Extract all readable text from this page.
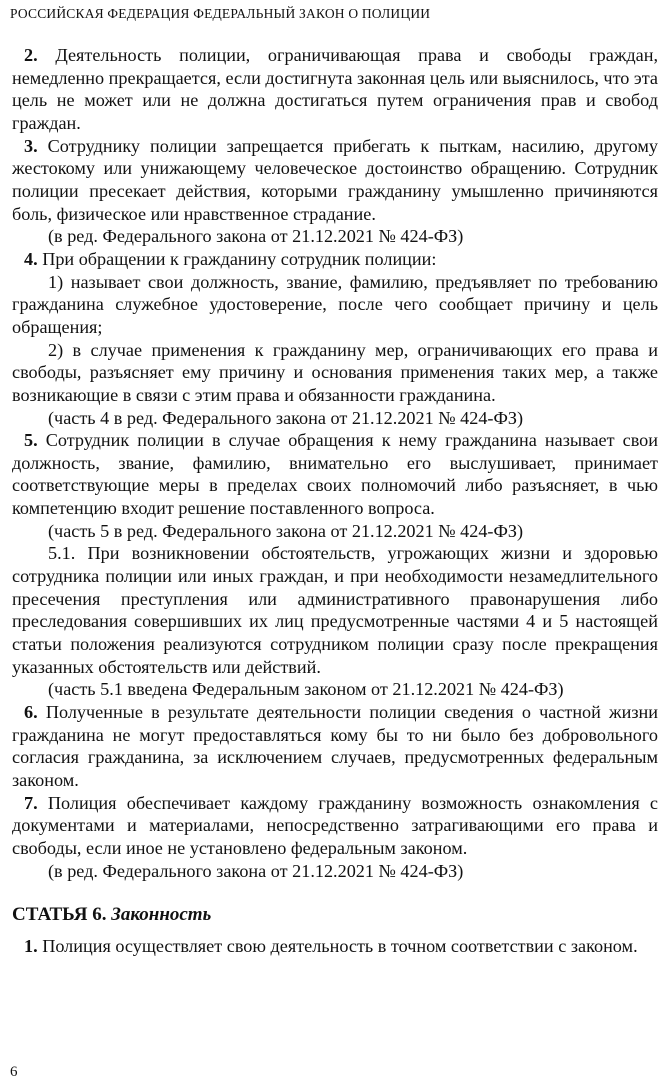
РОССИЙСКАЯ ФЕДЕРАЦИЯ ФЕДЕРАЛЬНЫЙ ЗАКОН О ПОЛИЦИИ

2. Деятельность полиции, ограничивающая права и свободы граждан, немедленно прекращается, если достигнута законная цель или выяснилось, что эта цель не может или не должна достигаться путем ограничения прав и свобод граждан.

3. Сотруднику полиции запрещается прибегать к пыткам, насилию, другому жестокому или унижающему человеческое достоинство обращению. Сотрудник полиции пресекает действия, которыми гражданину умышленно причиняются боль, физическое или нравственное страдание.

(в ред. Федерального закона от 21.12.2021 № 424-ФЗ)

4. При обращении к гражданину сотрудник полиции:

1) называет свои должность, звание, фамилию, предъявляет по требованию гражданина служебное удостоверение, после чего сообщает причину и цель обращения;

2) в случае применения к гражданину мер, ограничивающих его права и свободы, разъясняет ему причину и основания применения таких мер, а также возникающие в связи с этим права и обязанности гражданина.

(часть 4 в ред. Федерального закона от 21.12.2021 № 424-ФЗ)

5. Сотрудник полиции в случае обращения к нему гражданина называет свои должность, звание, фамилию, внимательно его выслушивает, принимает соответствующие меры в пределах своих полномочий либо разъясняет, в чью компетенцию входит решение поставленного вопроса.

(часть 5 в ред. Федерального закона от 21.12.2021 № 424-ФЗ)

5.1. При возникновении обстоятельств, угрожающих жизни и здоровью сотрудника полиции или иных граждан, и при необходимости незамедлительного пресечения преступления или административного правонарушения либо преследования совершивших их лиц предусмотренные частями 4 и 5 настоящей статьи положения реализуются сотрудником полиции сразу после прекращения указанных обстоятельств или действий.

(часть 5.1 введена Федеральным законом от 21.12.2021 № 424-ФЗ)

6. Полученные в результате деятельности полиции сведения о частной жизни гражданина не могут предоставляться кому бы то ни было без добровольного согласия гражданина, за исключением случаев, предусмотренных федеральным законом.

7. Полиция обеспечивает каждому гражданину возможность ознакомления с документами и материалами, непосредственно затрагивающими его права и свободы, если иное не установлено федеральным законом.

(в ред. Федерального закона от 21.12.2021 № 424-ФЗ)

СТАТЬЯ 6. Законность

1. Полиция осуществляет свою деятельность в точном соответствии с законом.

6
